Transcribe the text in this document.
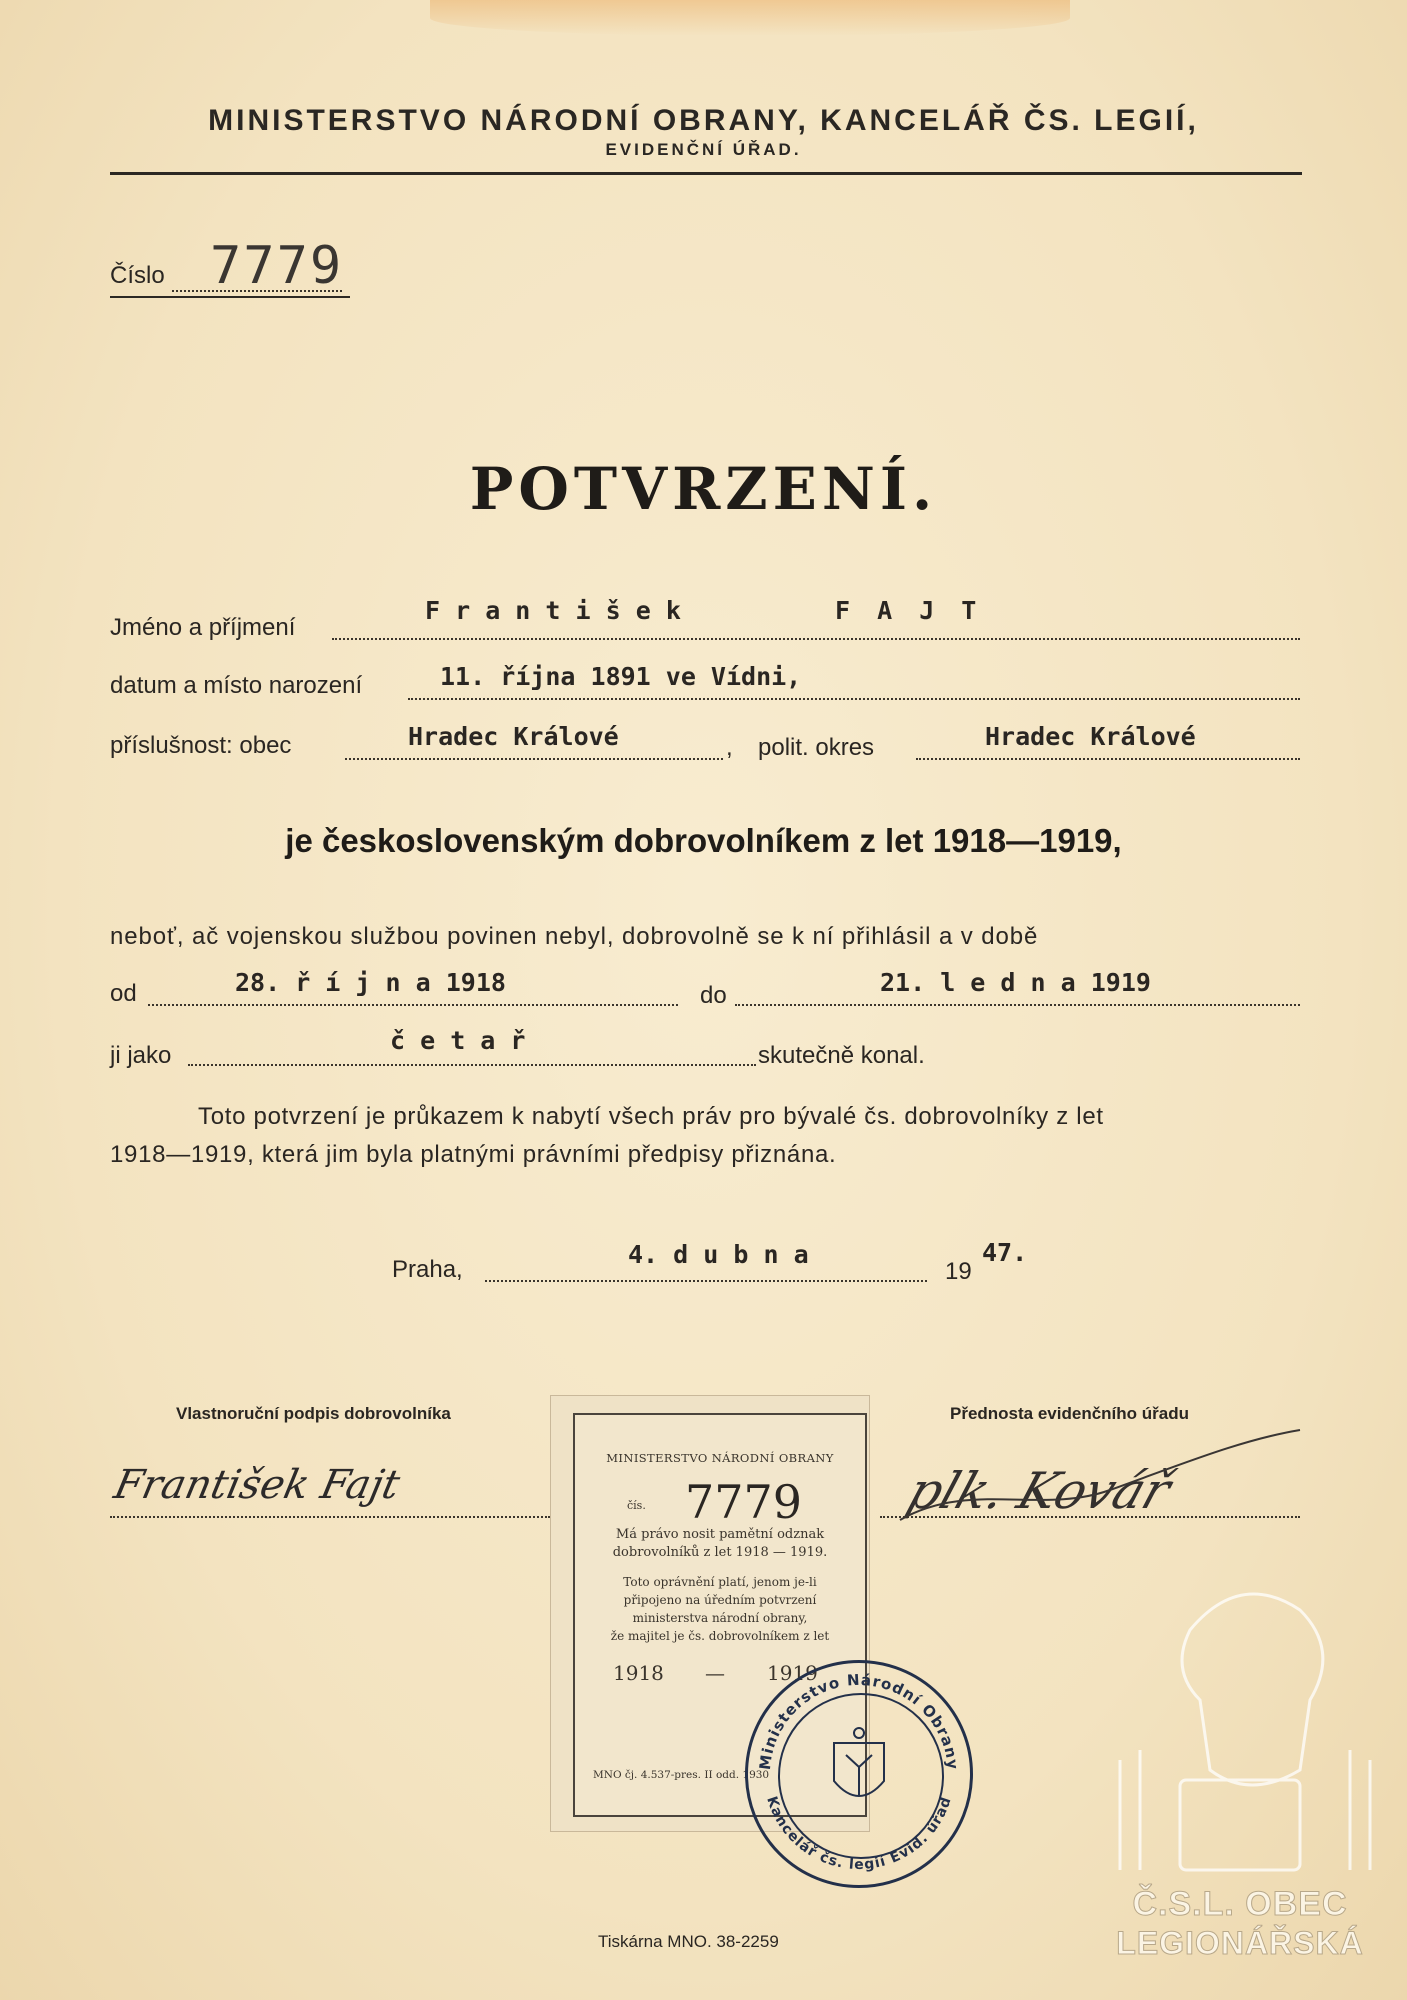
MINISTERSTVO NÁRODNÍ OBRANY, KANCELÁŘ ČS. LEGIÍ,
EVIDENČNÍ ÚŘAD.
Číslo 7779
POTVRZENÍ.
Jméno a příjmení
F r a n t i š e k	F A J T
datum a místo narození	11. října 1891 ve Vídni,
příslušnost: obec	Hradec Králové	, polit. okres	Hradec Králové
je československým dobrovolníkem z let 1918—1919,
neboť, ač vojenskou službou povinen nebyl, dobrovolně se k ní přihlásil a v době
od	28. ř í j n a 1918	do	21. l e d n a 1919
ji jako
č e t a ř
skutečně konal.
Toto potvrzení je průkazem k nabytí všech práv pro bývalé čs. dobrovolníky z let
1918—1919, která jim byla platnými právními předpisy přiznána.
Praha,
4. d u b n a
19
47.
Vlastnoruční podpis dobrovolníka
František Fajt
Přednosta evidenčního úřadu
plk. Kovář
MINISTERSTVO NÁRODNÍ OBRANY
čís. 7779
Má právo nosit pamětní odznak
dobrovolníků z let 1918 — 1919.
Toto oprávnění platí, jenom je-li
připojeno na úředním potvrzení
ministerstva národní obrany,
že majitel je čs. dobrovolníkem z let
1918 — 1919
MNO čj. 4.537-pres. II odd. 1930
Ministerstvo Národní Obrany
Kancelář čs. legií Evid. úřad
Tiskárna MNO. 38-2259
Č.S.L. OBEC
LEGIONÁŘSKÁ
